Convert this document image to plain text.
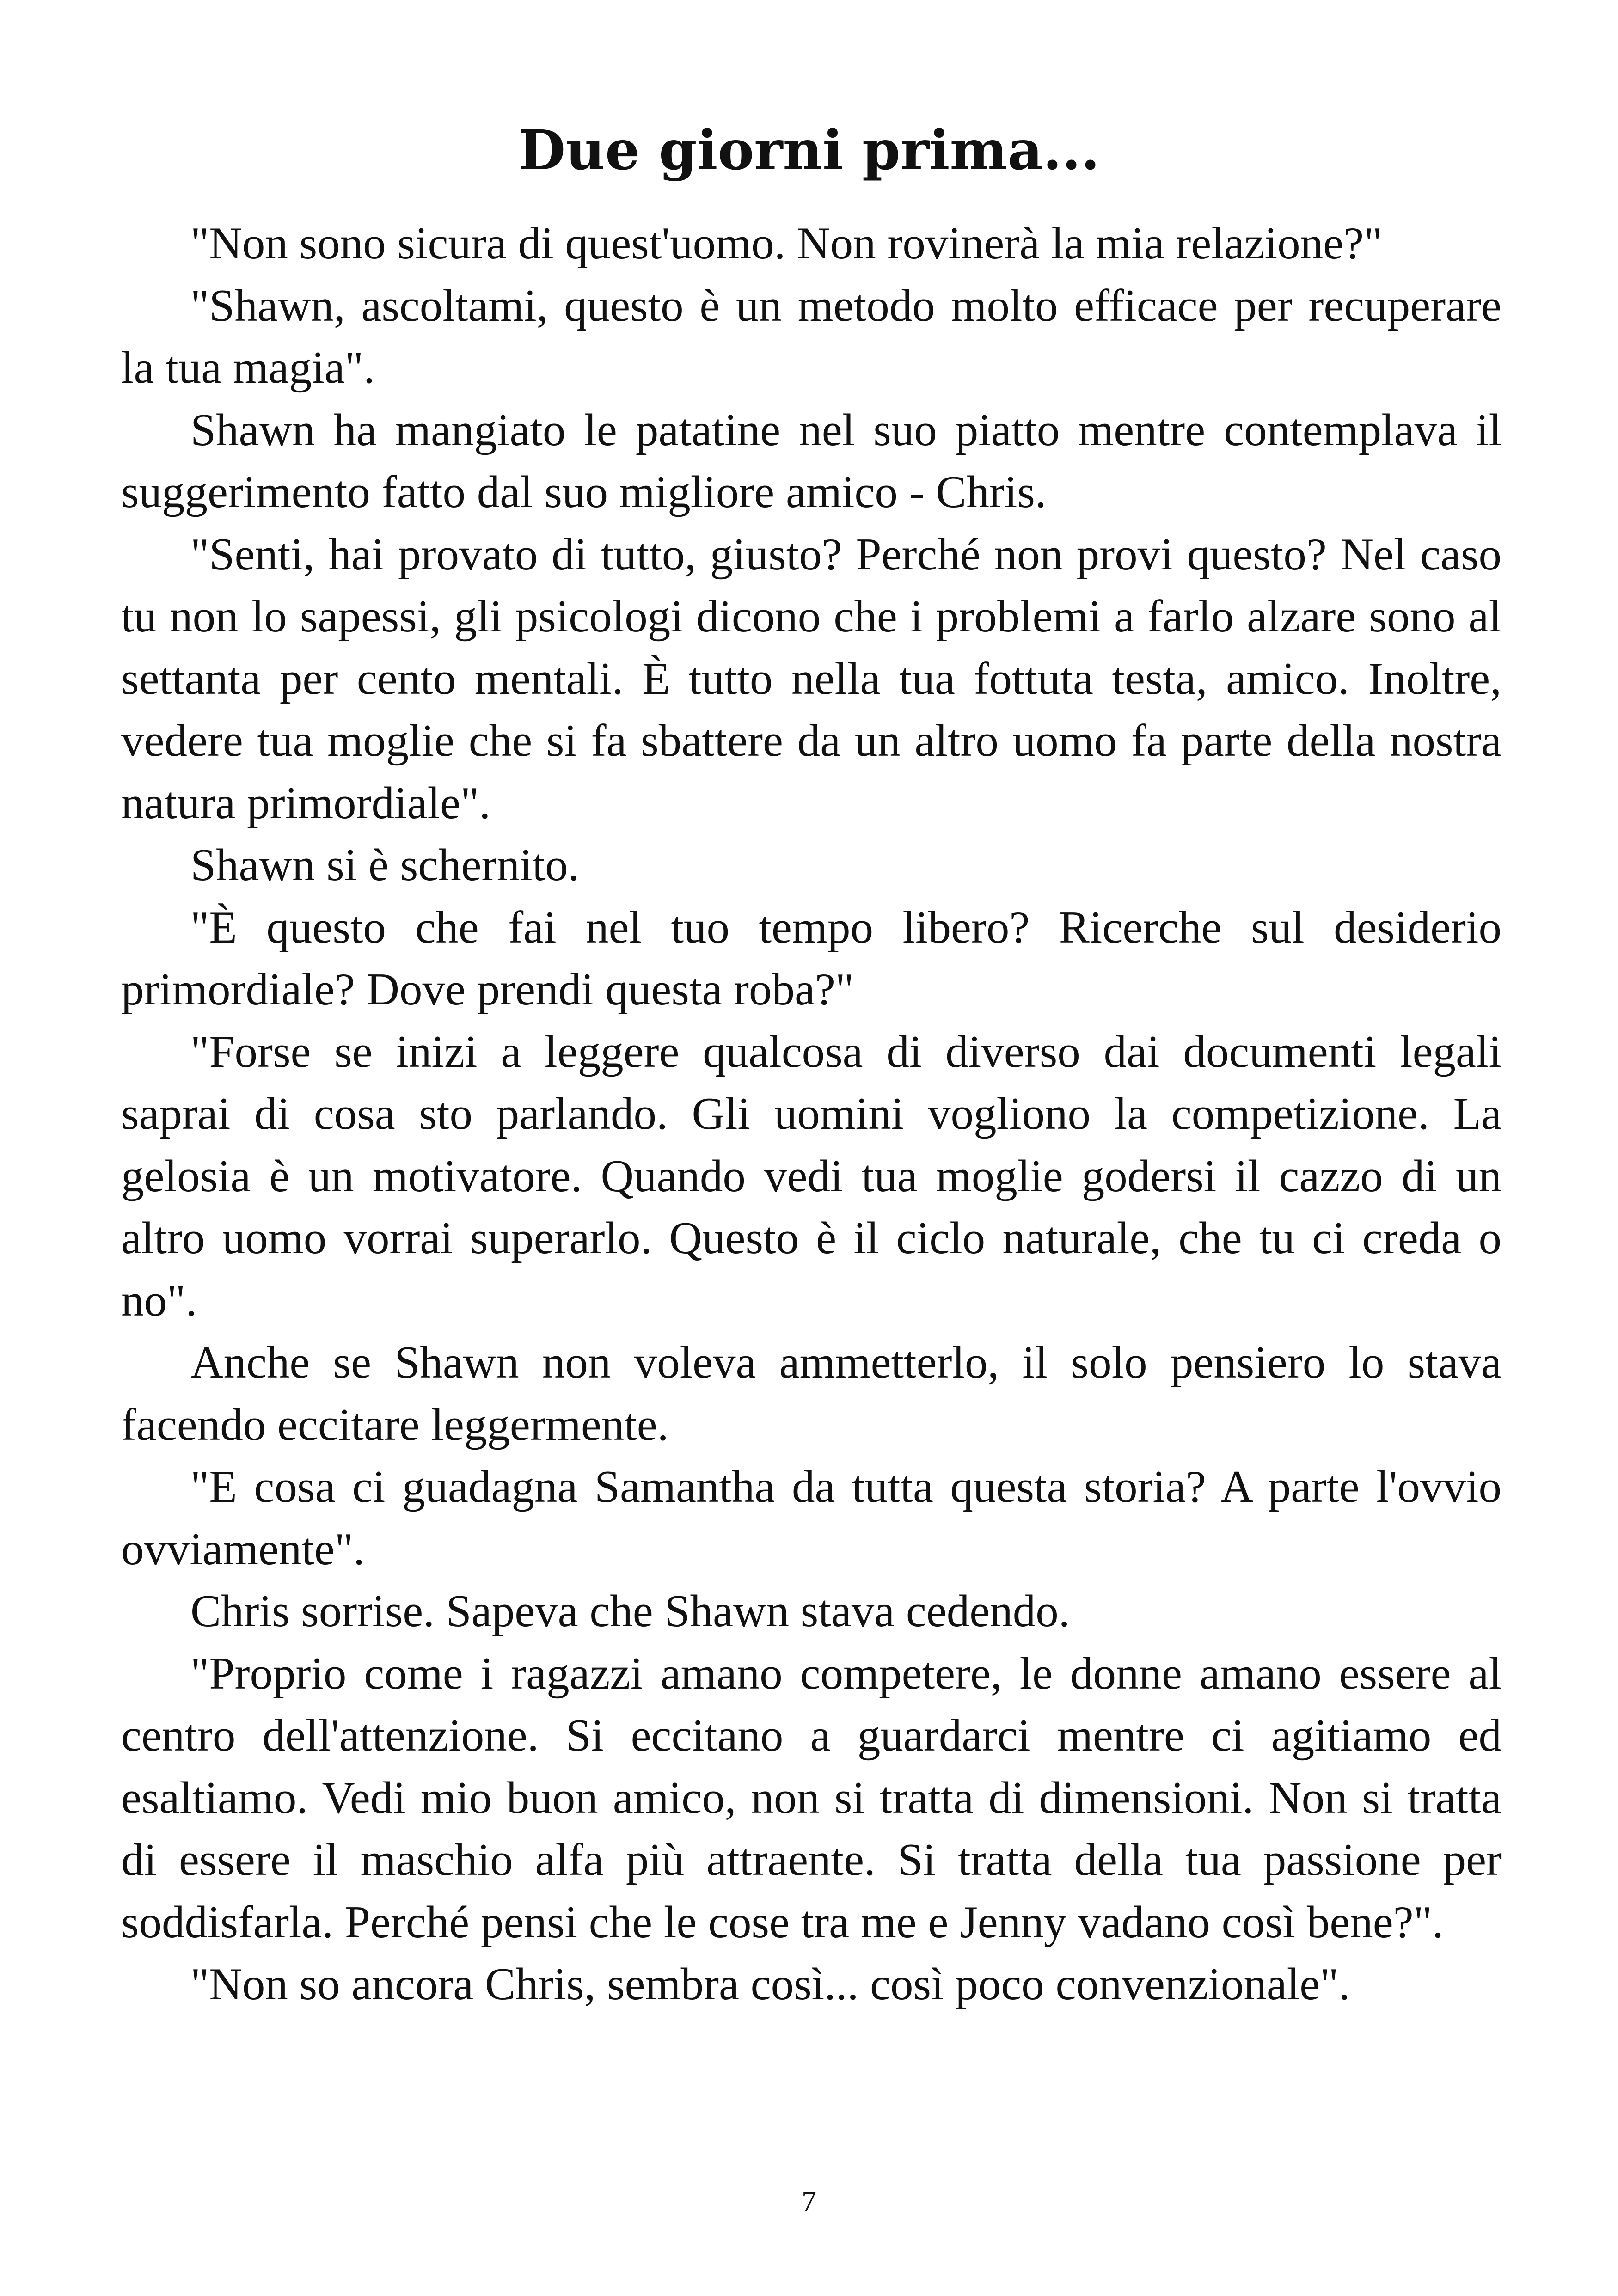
Due giorni prima...

"Non sono sicura di quest'uomo. Non rovinerà la mia relazione?"

"Shawn, ascoltami, questo è un metodo molto efficace per recuperare la tua magia".

Shawn ha mangiato le patatine nel suo piatto mentre contemplava il suggerimento fatto dal suo migliore amico - Chris.

"Senti, hai provato di tutto, giusto? Perché non provi questo? Nel caso tu non lo sapessi, gli psicologi dicono che i problemi a farlo alzare sono al settanta per cento mentali. È tutto nella tua fottuta testa, amico. Inoltre, vedere tua moglie che si fa sbattere da un altro uomo fa parte della nostra natura primordiale".

Shawn si è schernito.

"È questo che fai nel tuo tempo libero? Ricerche sul desiderio primordiale? Dove prendi questa roba?"

"Forse se inizi a leggere qualcosa di diverso dai documenti legali saprai di cosa sto parlando. Gli uomini vogliono la competizione. La gelosia è un motivatore. Quando vedi tua moglie godersi il cazzo di un altro uomo vorrai superarlo. Questo è il ciclo naturale, che tu ci creda o no".

Anche se Shawn non voleva ammetterlo, il solo pensiero lo stava facendo eccitare leggermente.

"E cosa ci guadagna Samantha da tutta questa storia? A parte l'ovvio ovviamente".

Chris sorrise. Sapeva che Shawn stava cedendo.

"Proprio come i ragazzi amano competere, le donne amano essere al centro dell'attenzione. Si eccitano a guardarci mentre ci agitiamo ed esaltiamo. Vedi mio buon amico, non si tratta di dimensioni. Non si tratta di essere il maschio alfa più attraente. Si tratta della tua passione per soddisfarla. Perché pensi che le cose tra me e Jenny vadano così bene?".

"Non so ancora Chris, sembra così... così poco convenzionale".

7
